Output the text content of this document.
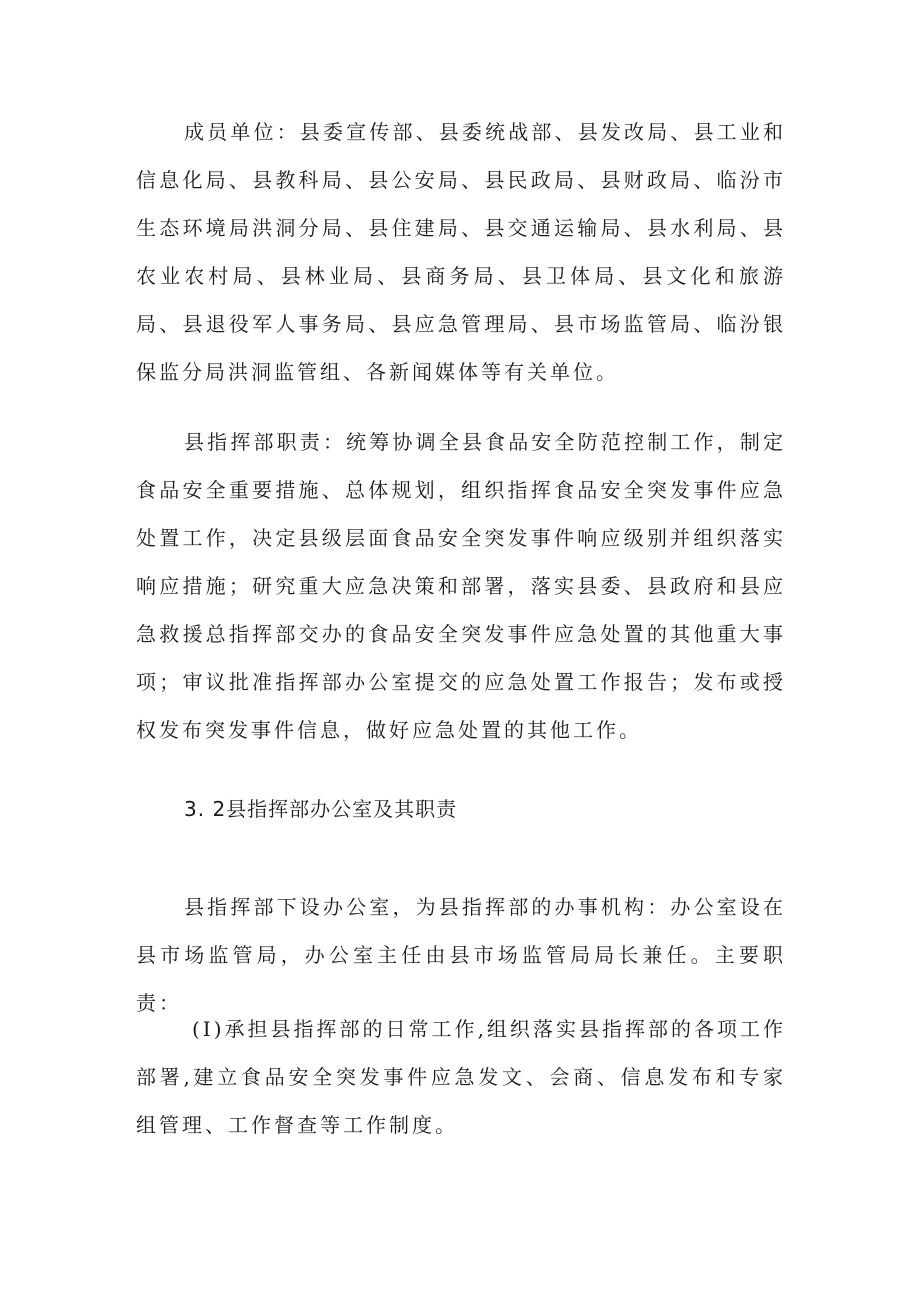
成员单位：县委宣传部、县委统战部、县发改局、县工业和信息化局、县教科局、县公安局、县民政局、县财政局、临汾市生态环境局洪洞分局、县住建局、县交通运输局、县水利局、县农业农村局、县林业局、县商务局、县卫体局、县文化和旅游局、县退役军人事务局、县应急管理局、县市场监管局、临汾银保监分局洪洞监管组、各新闻媒体等有关单位。

县指挥部职责：统筹协调全县食品安全防范控制工作，制定食品安全重要措施、总体规划，组织指挥食品安全突发事件应急处置工作，决定县级层面食品安全突发事件响应级别并组织落实响应措施；研究重大应急决策和部署，落实县委、县政府和县应急救援总指挥部交办的食品安全突发事件应急处置的其他重大事项；审议批准指挥部办公室提交的应急处置工作报告；发布或授权发布突发事件信息，做好应急处置的其他工作。

3. 2县指挥部办公室及其职责

县指挥部下设办公室，为县指挥部的办事机构：办公室设在县市场监管局，办公室主任由县市场监管局局长兼任。主要职责：

(I)承担县指挥部的日常工作,组织落实县指挥部的各项工作部署,建立食品安全突发事件应急发文、会商、信息发布和专家组管理、工作督查等工作制度。
